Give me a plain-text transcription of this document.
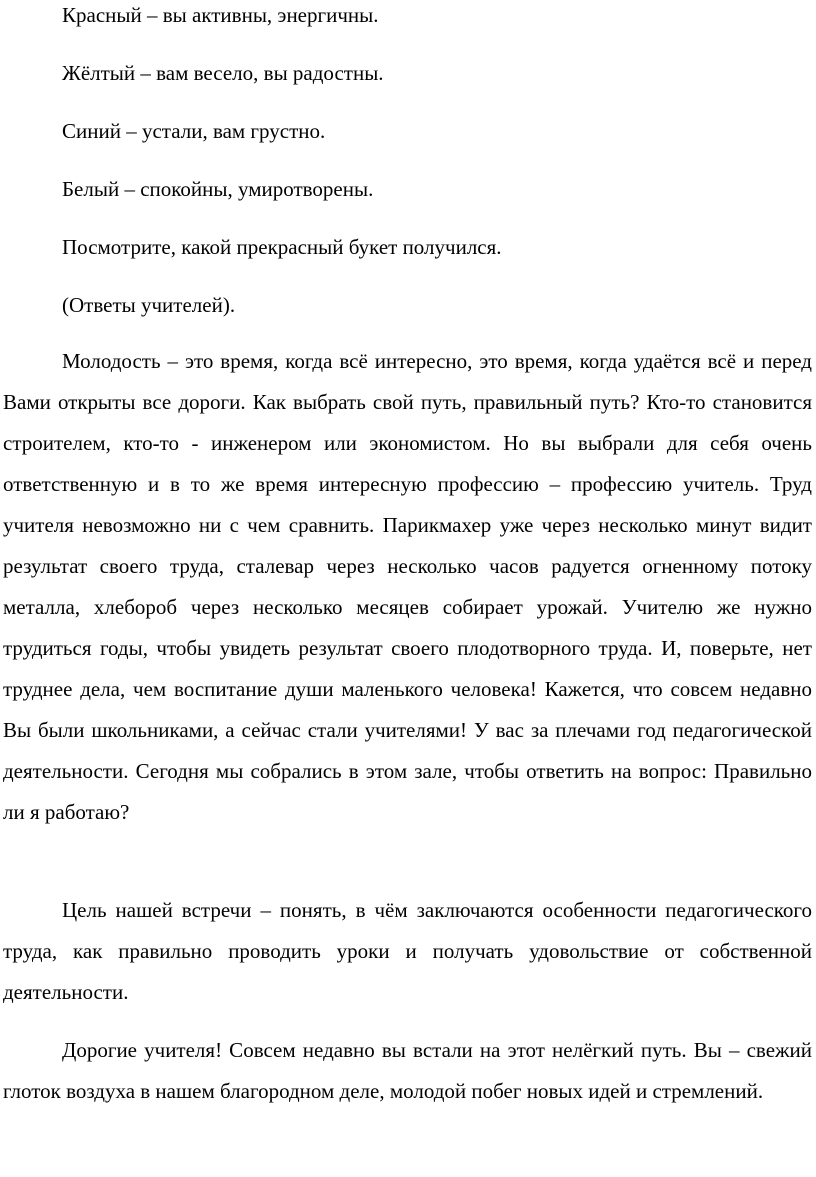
Красный – вы активны, энергичны.

Жёлтый – вам весело, вы радостны.

Синий – устали, вам грустно.

Белый – спокойны, умиротворены.

Посмотрите, какой прекрасный букет получился.

(Ответы учителей).

Молодость – это время, когда всё интересно, это время, когда удаётся всё и перед Вами открыты все дороги. Как выбрать свой путь, правильный путь? Кто-то становится строителем, кто-то - инженером или экономистом. Но вы выбрали для себя очень ответственную и в то же время интересную профессию – профессию учитель. Труд учителя невозможно ни с чем сравнить. Парикмахер уже через несколько минут видит результат своего труда, сталевар через несколько часов радуется огненному потоку металла, хлебороб через несколько месяцев собирает урожай. Учителю же нужно трудиться годы, чтобы увидеть результат своего плодотворного труда. И, поверьте, нет труднее дела, чем воспитание души маленького человека! Кажется, что совсем недавно Вы были школьниками, а сейчас стали учителями! У вас за плечами год педагогической деятельности. Сегодня мы собрались в этом зале, чтобы ответить на вопрос: Правильно ли я работаю?

Цель нашей встречи – понять, в чём заключаются особенности педагогического труда, как правильно проводить уроки и получать удовольствие от собственной деятельности.

Дорогие учителя! Совсем недавно вы встали на этот нелёгкий путь. Вы – свежий глоток воздуха в нашем благородном деле, молодой побег новых идей и стремлений.
